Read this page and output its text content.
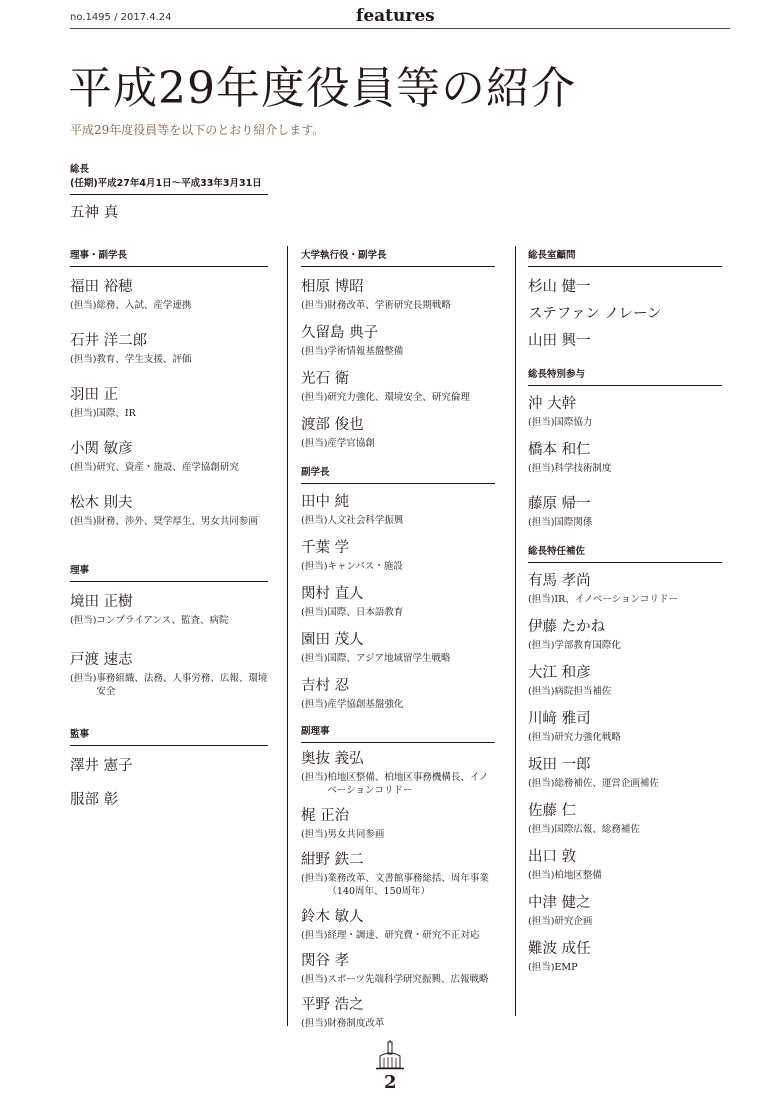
no.1495 / 2017.4.24	features
平成29年度役員等の紹介
平成29年度役員等を以下のとおり紹介します。
総長
(任期)平成27年4月1日〜平成33年3月31日
五神 真
理事・副学長
福田 裕穂
(担当)総務、入試、産学連携
石井 洋二郎
(担当)教育、学生支援、評価
羽田 正
(担当)国際、IR
小関 敏彦
(担当)研究、資産・施設、産学協創研究
松木 則夫
(担当)財務、渉外、奨学厚生、男女共同参画
理事
境田 正樹
(担当)コンプライアンス、監査、病院
戸渡 速志
(担当) 事務組織、法務、人事労務、広報、環境安全
監事
澤井 憲子
服部 彰
大学執行役・副学長
相原 博昭
(担当)財務改革、学術研究長期戦略
久留島 典子
(担当)学術情報基盤整備
光石 衛
(担当)研究力強化、環境安全、研究倫理
渡部 俊也
(担当)産学官協創
副学長
田中 純
(担当)人文社会科学振興
千葉 学
(担当)キャンパス・施設
関村 直人
(担当)国際、日本語教育
園田 茂人
(担当)国際、アジア地域留学生戦略
吉村 忍
(担当)産学協創基盤強化
副理事
奥抜 義弘
(担当) 柏地区整備、柏地区事務機構長、イノベーションコリドー
梶 正治
(担当)男女共同参画
紺野 鉄二
(担当) 業務改革、文書館事務総括、周年事業（140周年、150周年）
鈴木 敏人
(担当)経理・調達、研究費・研究不正対応
関谷 孝
(担当)スポーツ先端科学研究振興、広報戦略
平野 浩之
(担当)財務制度改革
総長室顧問
杉山 健一
ステファン ノレーン
山田 興一
総長特別参与
沖 大幹
(担当)国際協力
橋本 和仁
(担当)科学技術制度
藤原 帰一
(担当)国際関係
総長特任補佐
有馬 孝尚
(担当)IR、イノベーションコリドー
伊藤 たかね
(担当)学部教育国際化
大江 和彦
(担当)病院担当補佐
川﨑 雅司
(担当)研究力強化戦略
坂田 一郎
(担当)総務補佐、運営企画補佐
佐藤 仁
(担当)国際広報、総務補佐
出口 敦
(担当)柏地区整備
中津 健之
(担当)研究企画
難波 成任
(担当)EMP
2
